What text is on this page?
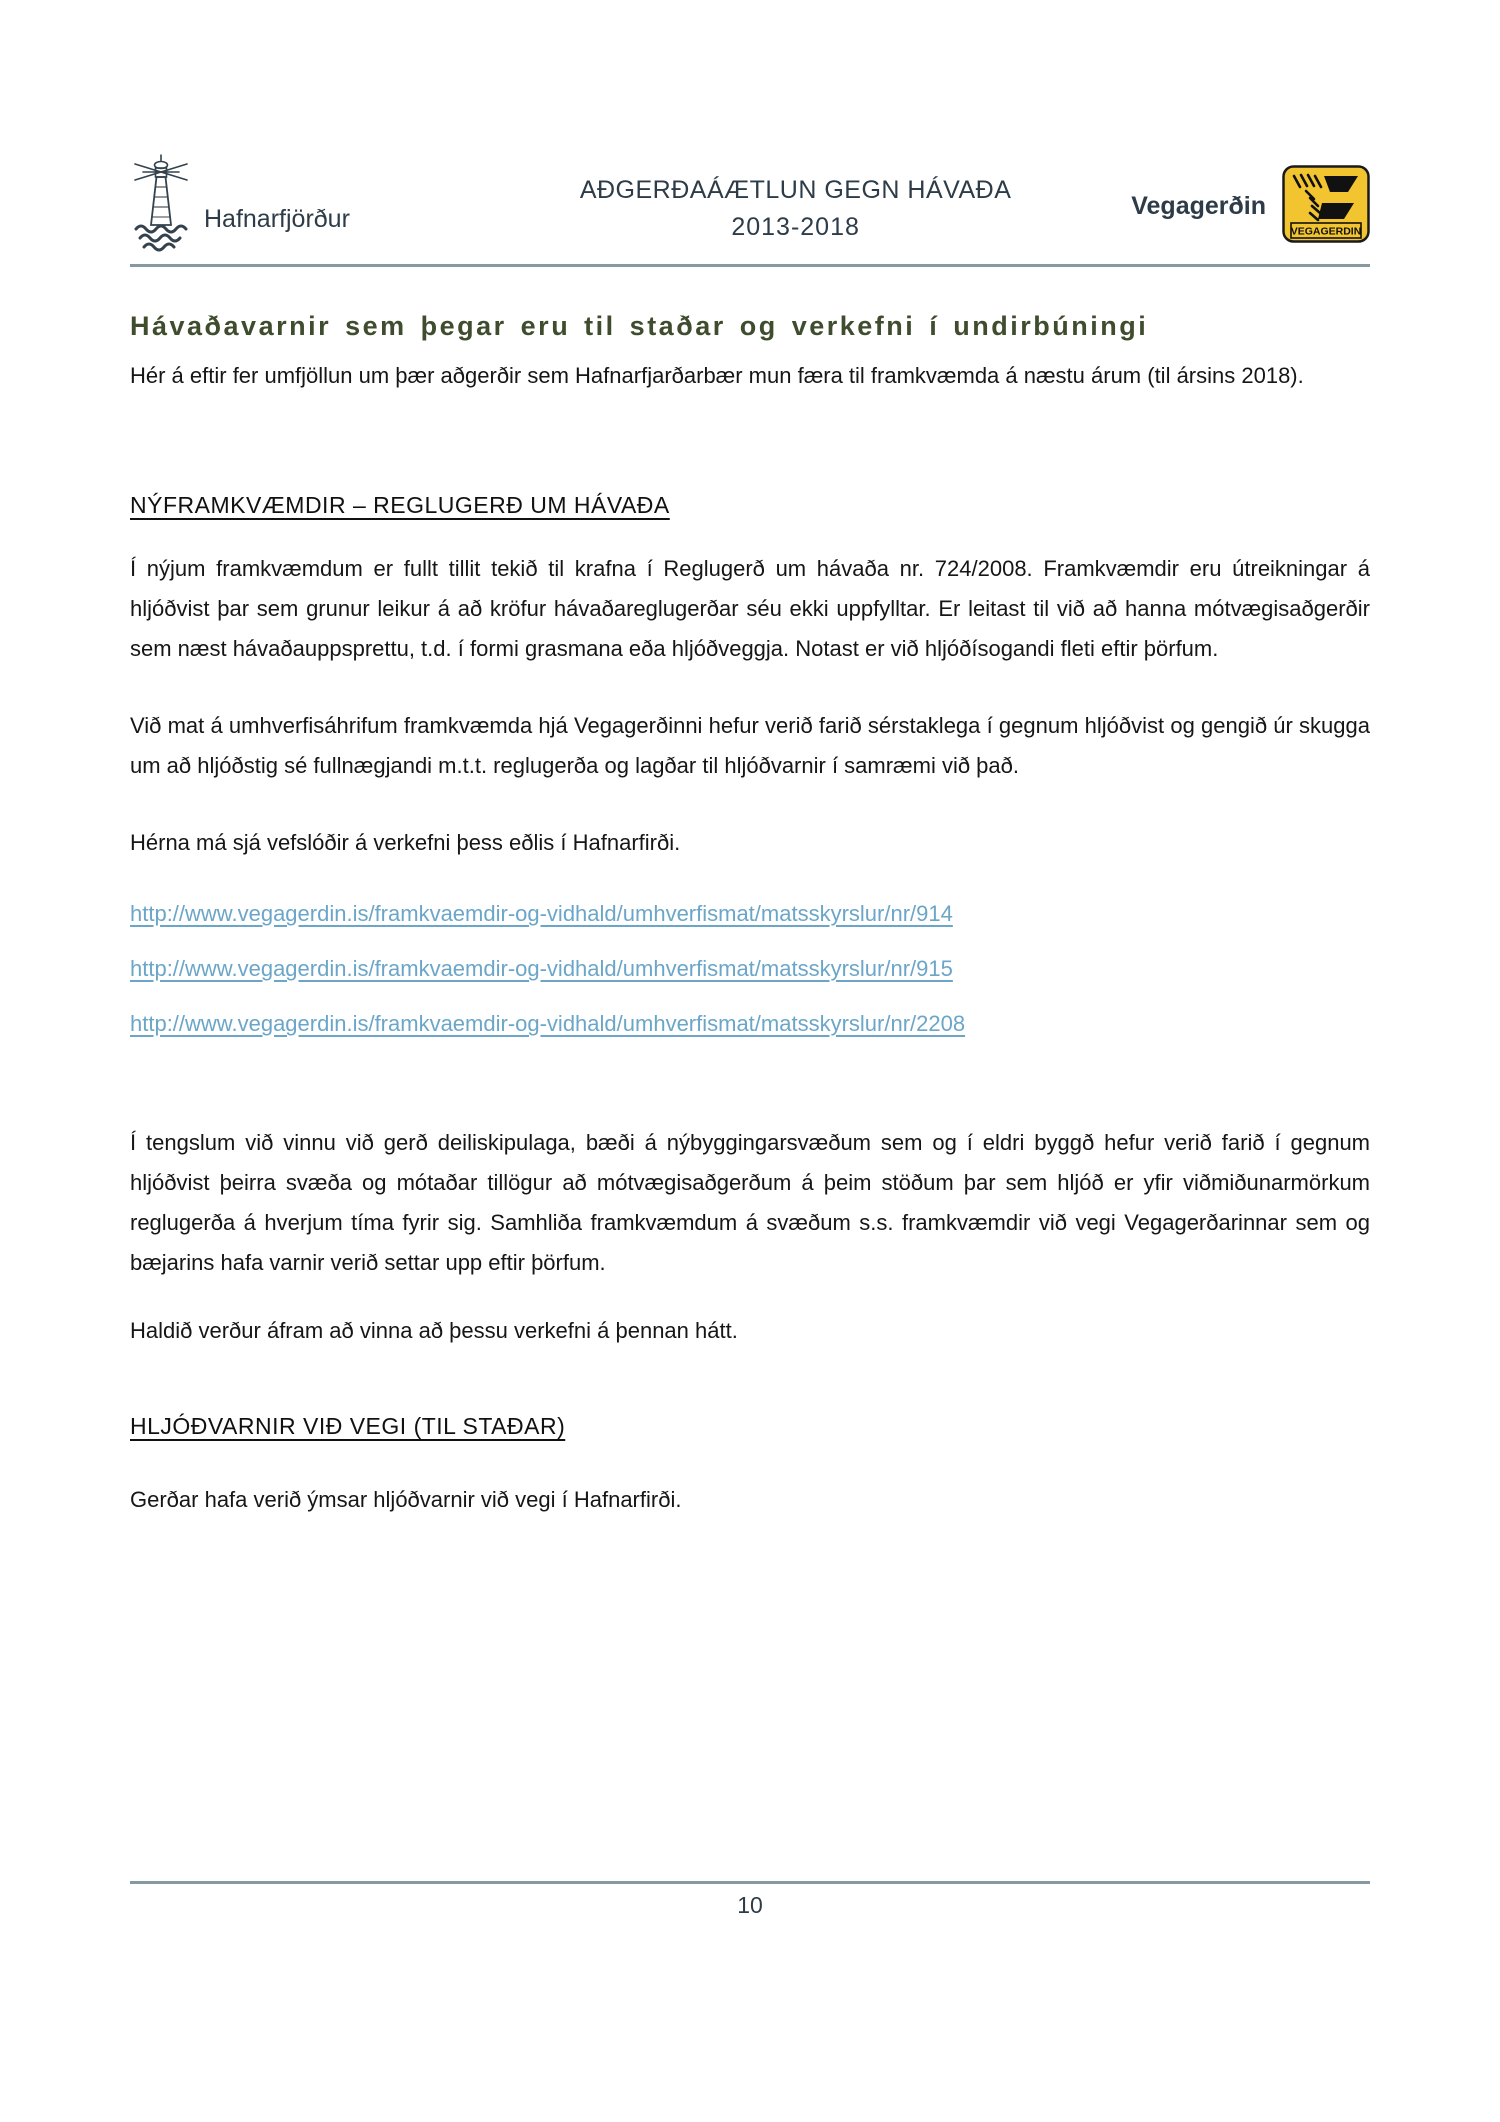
Hafnarfjörður
AÐGERÐAÁÆTLUN GEGN HÁVAÐA
2013-2018
Vegagerðin
VEGAGERDIN
Hávaðavarnir sem þegar eru til staðar og verkefni í undirbúningi

Hér á eftir fer umfjöllun um þær aðgerðir sem Hafnarfjarðarbær mun færa til framkvæmda á næstu árum (til ársins 2018).

NÝFRAMKVÆMDIR – REGLUGERÐ UM HÁVAÐA

Í nýjum framkvæmdum er fullt tillit tekið til krafna í Reglugerð um hávaða nr. 724/2008. Framkvæmdir eru útreikningar á hljóðvist þar sem grunur leikur á að kröfur hávaðareglugerðar séu ekki uppfylltar. Er leitast til við að hanna mótvægisaðgerðir sem næst hávaðauppsprettu, t.d. í formi grasmana eða hljóðveggja. Notast er við hljóðísogandi fleti eftir þörfum.

Við mat á umhverfisáhrifum framkvæmda hjá Vegagerðinni hefur verið farið sérstaklega í gegnum hljóðvist og gengið úr skugga um að hljóðstig sé fullnægjandi m.t.t. reglugerða og lagðar til hljóðvarnir í samræmi við það.

Hérna má sjá vefslóðir á verkefni þess eðlis í Hafnarfirði.

http://www.vegagerdin.is/framkvaemdir-og-vidhald/umhverfismat/matsskyrslur/nr/914
http://www.vegagerdin.is/framkvaemdir-og-vidhald/umhverfismat/matsskyrslur/nr/915
http://www.vegagerdin.is/framkvaemdir-og-vidhald/umhverfismat/matsskyrslur/nr/2208

Í tengslum við vinnu við gerð deiliskipulaga, bæði á nýbyggingarsvæðum sem og í eldri byggð hefur verið farið í gegnum hljóðvist þeirra svæða og mótaðar tillögur að mótvægisaðgerðum á þeim stöðum þar sem hljóð er yfir viðmiðunarmörkum reglugerða á hverjum tíma fyrir sig. Samhliða framkvæmdum á svæðum s.s. framkvæmdir við vegi Vegagerðarinnar sem og bæjarins hafa varnir verið settar upp eftir þörfum.

Haldið verður áfram að vinna að þessu verkefni á þennan hátt.

HLJÓÐVARNIR VIÐ VEGI (TIL STAÐAR)

Gerðar hafa verið ýmsar hljóðvarnir við vegi í Hafnarfirði.

10
